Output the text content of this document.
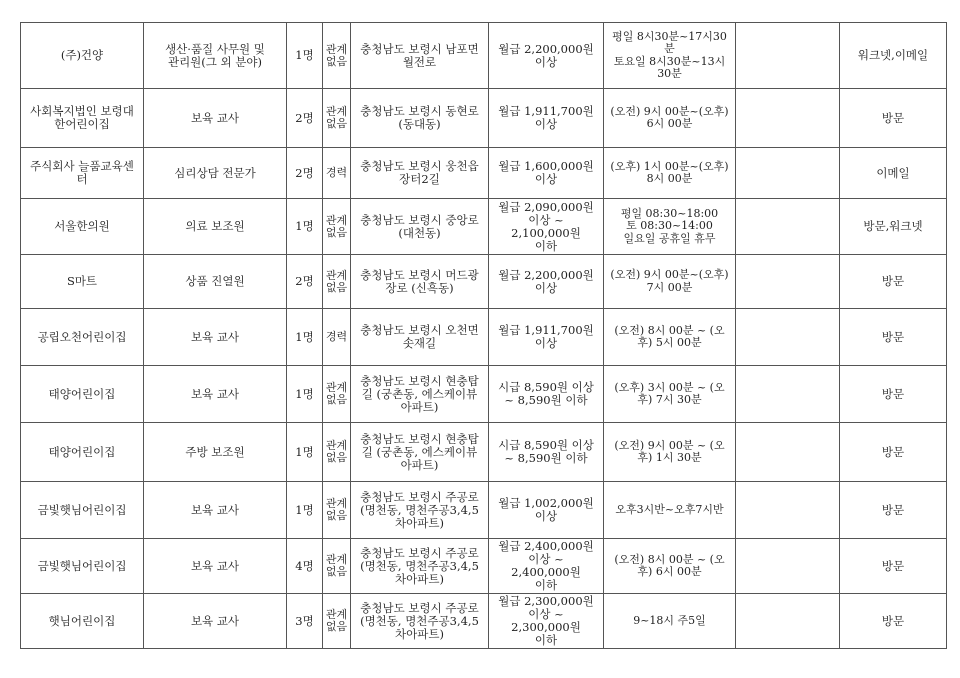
(주)건양	생산·품질 사무원 및
관리원(그 외 분야)	1명	관계
없음	충청남도 보령시 남포면
월전로	월급 2,200,000원
이상	평일 8시30분~17시30
분
토요일 8시30분~13시
30분		워크넷,이메일
사회복지법인 보령대
한어린이집	보육 교사	2명	관계
없음	충청남도 보령시 동현로
(동대동)	월급 1,911,700원
이상	(오전) 9시 00분~(오후)
6시 00분		방문
주식회사 늘품교육센
터	심리상담 전문가	2명	경력	충청남도 보령시 웅천읍
장터2길	월급 1,600,000원
이상	(오후) 1시 00분~(오후)
8시 00분		이메일
서울한의원	의료 보조원	1명	관계
없음	충청남도 보령시 중앙로
(대천동)	월급 2,090,000원
이상 ~ 2,100,000원
이하	평일 08:30~18:00
토 08:30~14:00
일요일 공휴일 휴무		방문,워크넷
S마트	상품 진열원	2명	관계
없음	충청남도 보령시 머드광
장로 (신흑동)	월급 2,200,000원
이상	(오전) 9시 00분~(오후)
7시 00분		방문
공립오천어린이집	보육 교사	1명	경력	충청남도 보령시 오천면
솟재길	월급 1,911,700원
이상	(오전) 8시 00분 ~ (오
후) 5시 00분		방문
태양어린이집	보육 교사	1명	관계
없음	충청남도 보령시 현충탑
길 (궁촌동, 에스케이뷰
아파트)	시급 8,590원 이상
~ 8,590원 이하	(오후) 3시 00분 ~ (오
후) 7시 30분		방문
태양어린이집	주방 보조원	1명	관계
없음	충청남도 보령시 현충탑
길 (궁촌동, 에스케이뷰
아파트)	시급 8,590원 이상
~ 8,590원 이하	(오전) 9시 00분 ~ (오
후) 1시 30분		방문
금빛햇님어린이집	보육 교사	1명	관계
없음	충청남도 보령시 주공로
(명천동, 명천주공3,4,5
차아파트)	월급 1,002,000원
이상	오후3시반~오후7시반		방문
금빛햇님어린이집	보육 교사	4명	관계
없음	충청남도 보령시 주공로
(명천동, 명천주공3,4,5
차아파트)	월급 2,400,000원
이상 ~ 2,400,000원
이하	(오전) 8시 00분 ~ (오
후) 6시 00분		방문
햇님어린이집	보육 교사	3명	관계
없음	충청남도 보령시 주공로
(명천동, 명천주공3,4,5
차아파트)	월급 2,300,000원
이상 ~ 2,300,000원
이하	9~18시 주5일		방문
